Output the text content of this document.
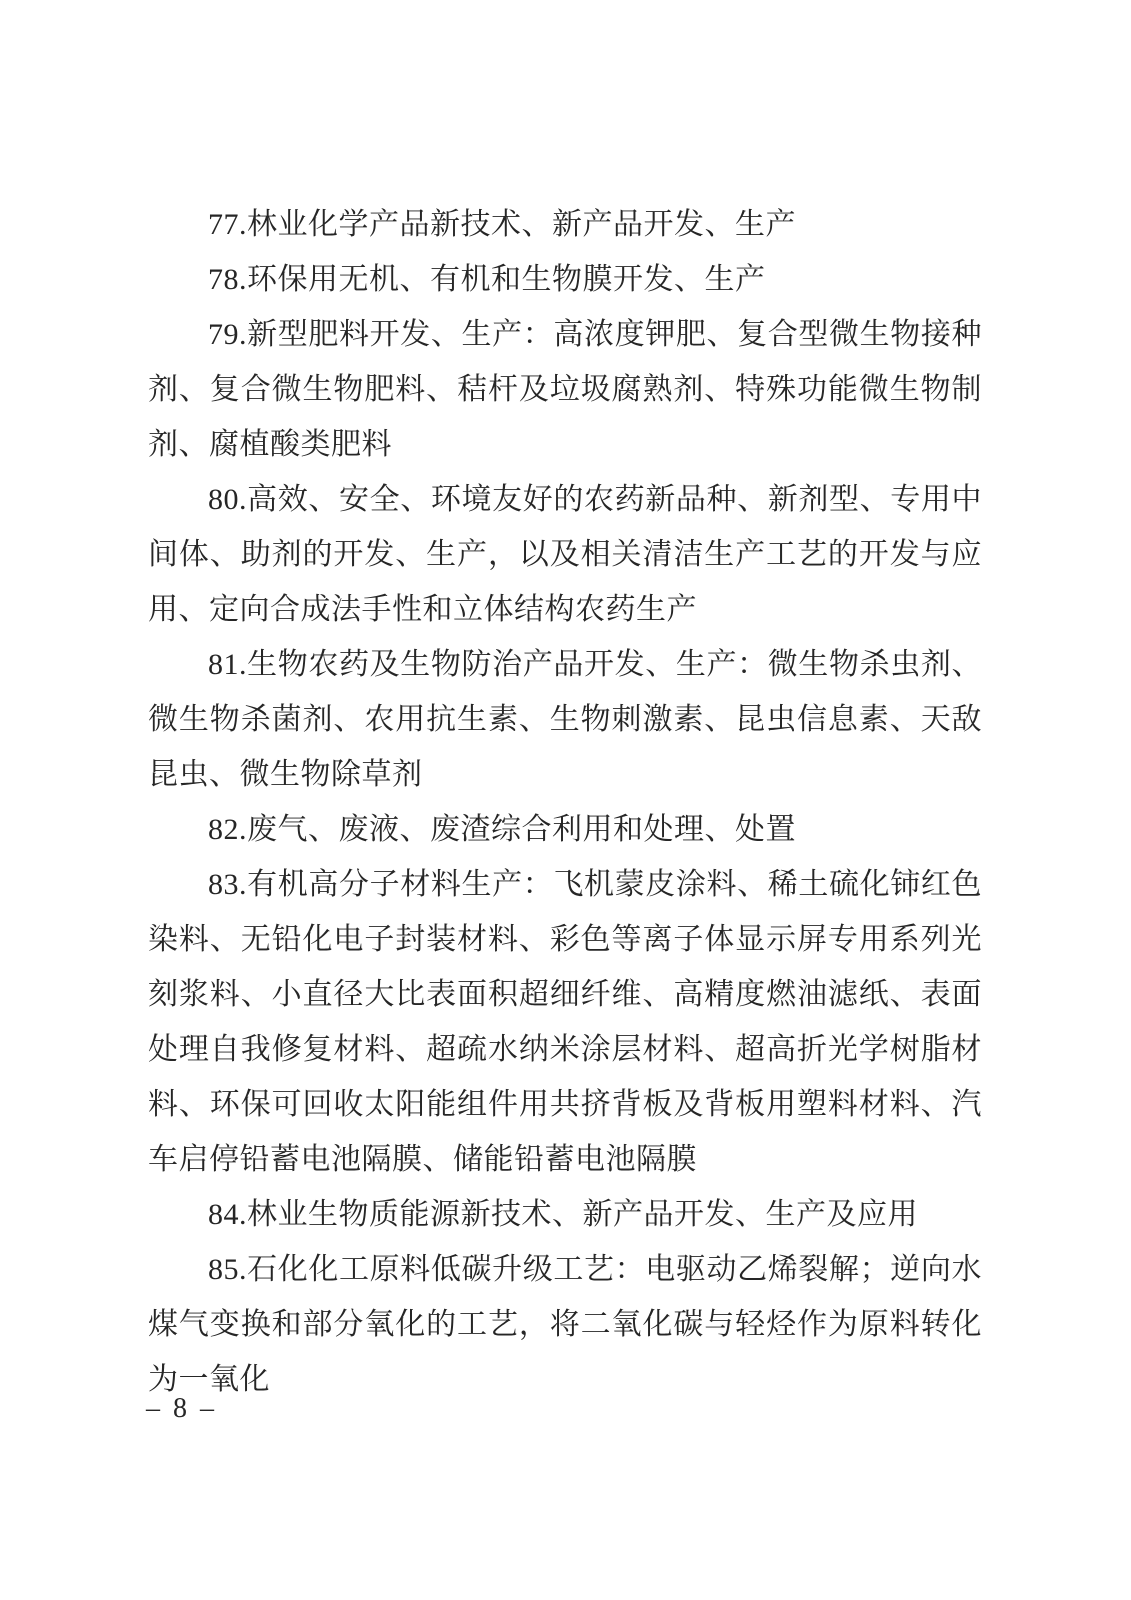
77.林业化学产品新技术、新产品开发、生产

78.环保用无机、有机和生物膜开发、生产

79.新型肥料开发、生产：高浓度钾肥、复合型微生物接种剂、复合微生物肥料、秸杆及垃圾腐熟剂、特殊功能微生物制剂、腐植酸类肥料

80.高效、安全、环境友好的农药新品种、新剂型、专用中间体、助剂的开发、生产，以及相关清洁生产工艺的开发与应用、定向合成法手性和立体结构农药生产

81.生物农药及生物防治产品开发、生产：微生物杀虫剂、微生物杀菌剂、农用抗生素、生物刺激素、昆虫信息素、天敌昆虫、微生物除草剂

82.废气、废液、废渣综合利用和处理、处置

83.有机高分子材料生产：飞机蒙皮涂料、稀土硫化铈红色染料、无铅化电子封装材料、彩色等离子体显示屏专用系列光刻浆料、小直径大比表面积超细纤维、高精度燃油滤纸、表面处理自我修复材料、超疏水纳米涂层材料、超高折光学树脂材料、环保可回收太阳能组件用共挤背板及背板用塑料材料、汽车启停铅蓄电池隔膜、储能铅蓄电池隔膜

84.林业生物质能源新技术、新产品开发、生产及应用

85.石化化工原料低碳升级工艺：电驱动乙烯裂解；逆向水煤气变换和部分氧化的工艺，将二氧化碳与轻烃作为原料转化为一氧化

– 8 –
